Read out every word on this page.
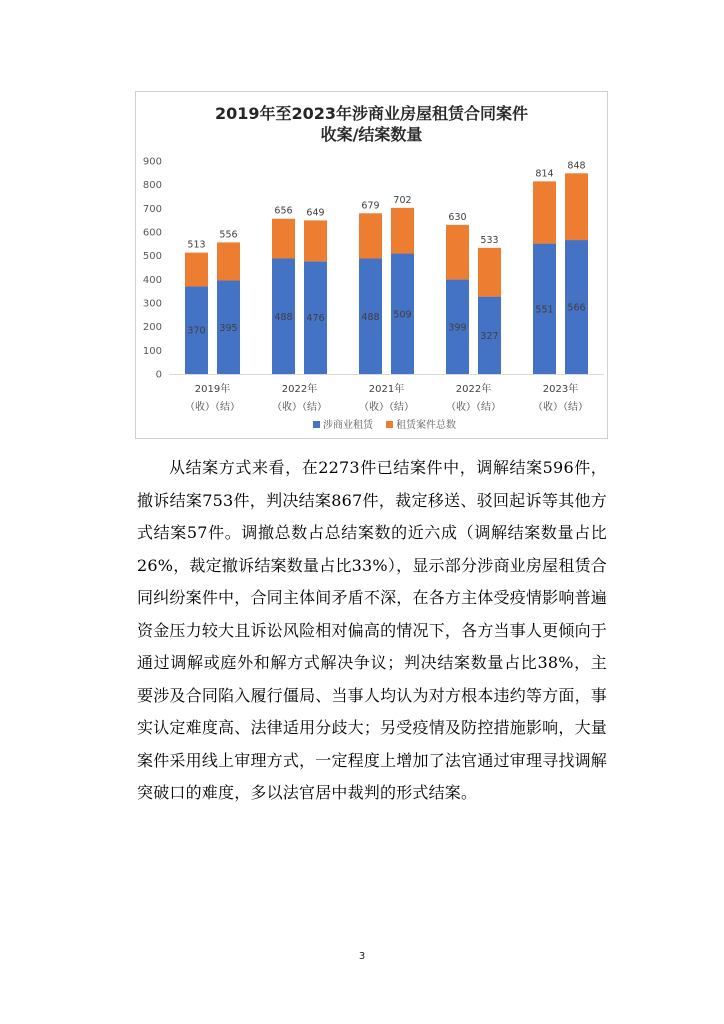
2019年至2023年涉商业房屋租赁合同案件
收案/结案数量
0
100
200
300
400
500
600
700
800
900
370
513
395
556
2019年
（收）（结）
488
656
476
649
2022年
（收）（结）
488
679
509
702
2021年
（收）（结）
399
630
327
533
2022年
（收）（结）
551
814
566
848
2023年
（收）（结）
涉商业租赁 租赁案件总数

从结案方式来看，在2273件已结案件中，调解结案596件，撤诉结案753件，判决结案867件，裁定移送、驳回起诉等其他方式结案57件。调撤总数占总结案数的近六成（调解结案数量占比26%，裁定撤诉结案数量占比33%），显示部分涉商业房屋租赁合同纠纷案件中，合同主体间矛盾不深，在各方主体受疫情影响普遍资金压力较大且诉讼风险相对偏高的情况下，各方当事人更倾向于通过调解或庭外和解方式解决争议；判决结案数量占比38%，主要涉及合同陷入履行僵局、当事人均认为对方根本违约等方面，事实认定难度高、法律适用分歧大；另受疫情及防控措施影响，大量案件采用线上审理方式，一定程度上增加了法官通过审理寻找调解突破口的难度，多以法官居中裁判的形式结案。

3
